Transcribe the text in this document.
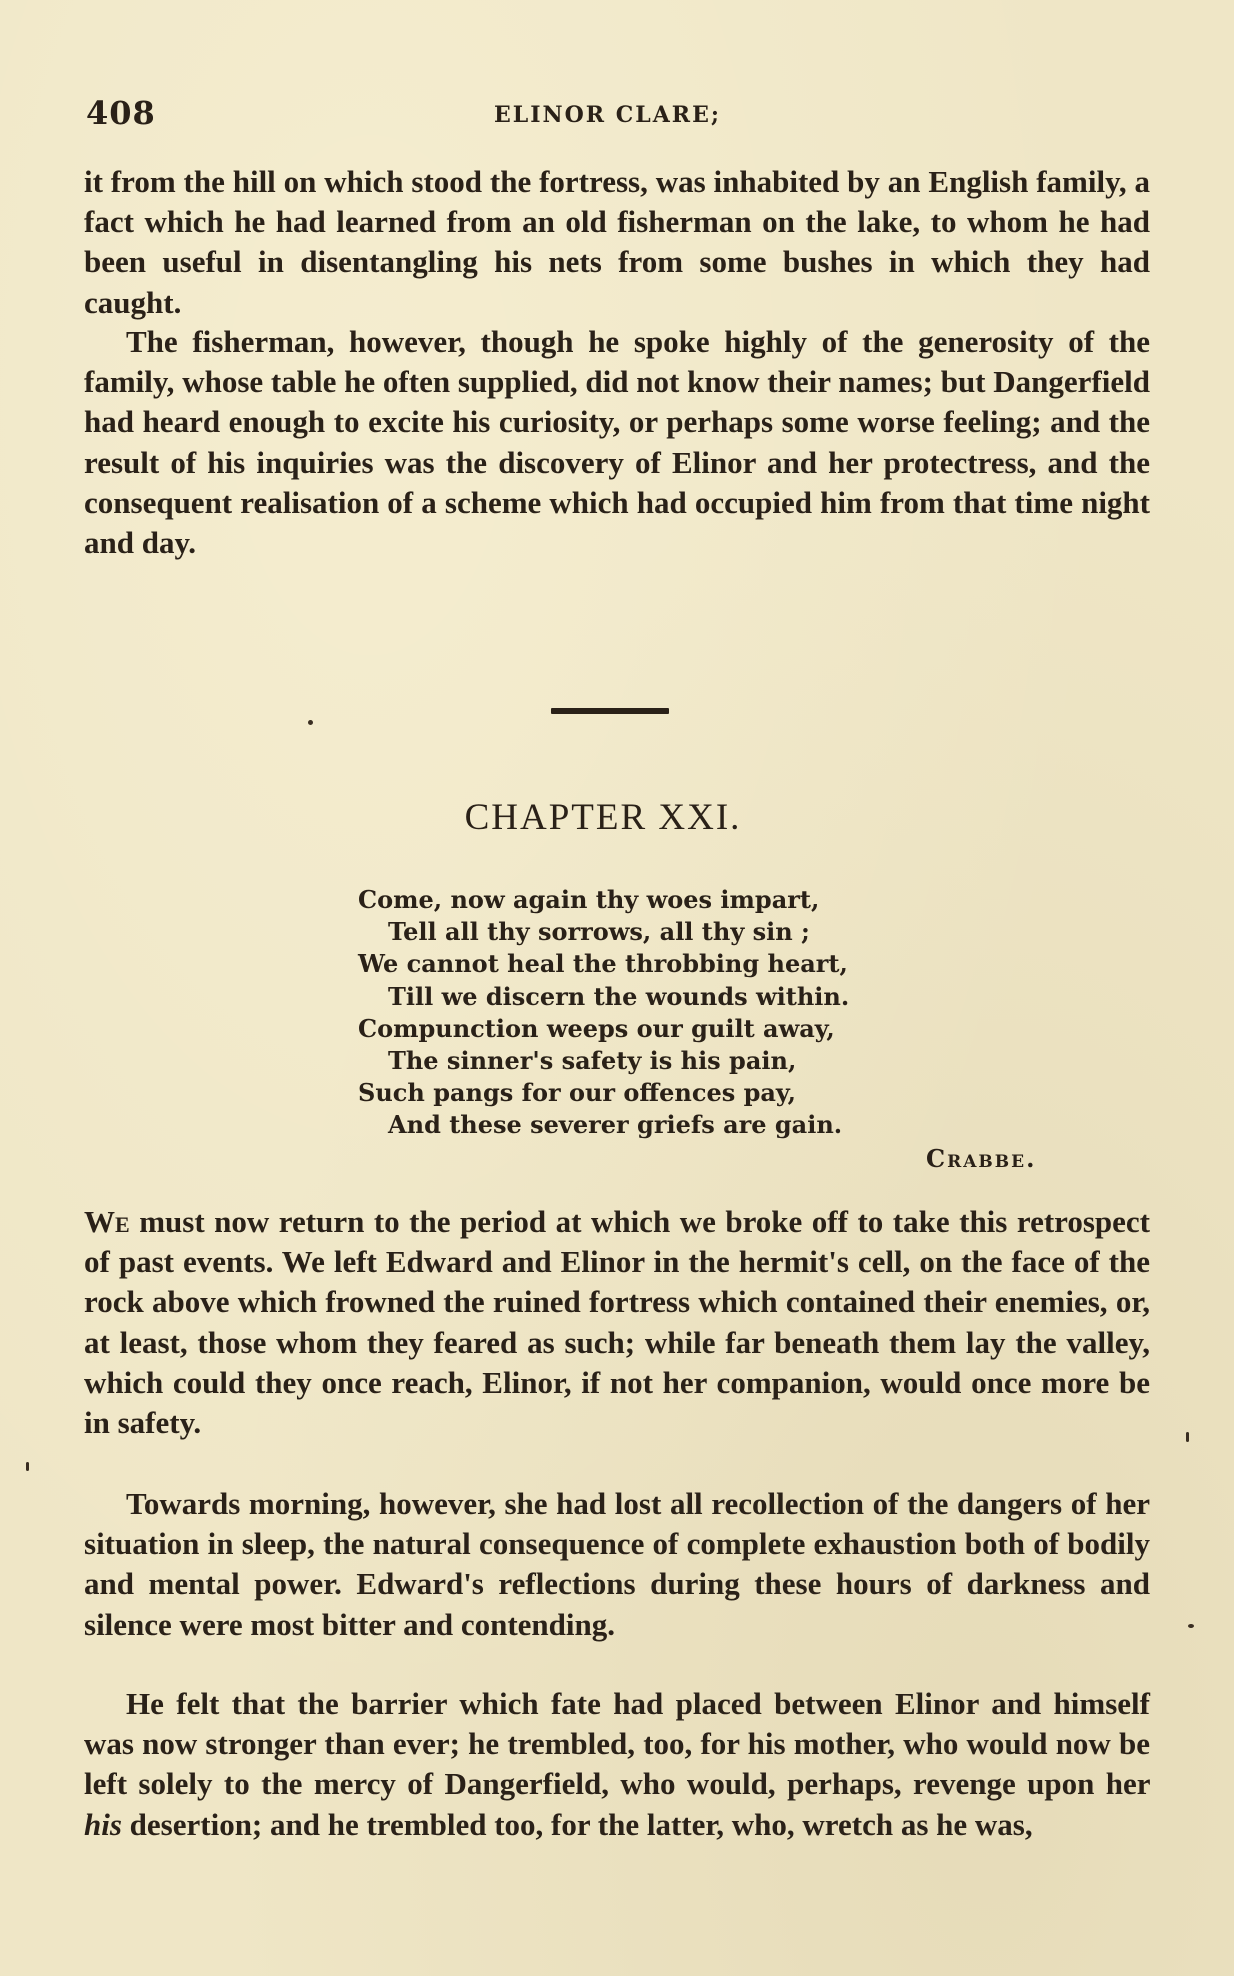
408	ELINOR CLARE;

it from the hill on which stood the fortress, was inhabited by an English family, a fact which he had learned from an old fisherman on the lake, to whom he had been useful in disentangling his nets from some bushes in which they had caught.

The fisherman, however, though he spoke highly of the generosity of the family, whose table he often supplied, did not know their names; but Dangerfield had heard enough to excite his curiosity, or perhaps some worse feeling; and the result of his inquiries was the discovery of Elinor and her protectress, and the consequent realisation of a scheme which had occupied him from that time night and day.

CHAPTER XXI.
Come, now again thy woes impart,
Tell all thy sorrows, all thy sin ;
We cannot heal the throbbing heart,
Till we discern the wounds within.
Compunction weeps our guilt away,
The sinner's safety is his pain,
Such pangs for our offences pay,
And these severer griefs are gain.
Crabbe.

We must now return to the period at which we broke off to take this retrospect of past events. We left Edward and Elinor in the hermit's cell, on the face of the rock above which frowned the ruined fortress which contained their enemies, or, at least, those whom they feared as such; while far beneath them lay the valley, which could they once reach, Elinor, if not her companion, would once more be in safety.

Towards morning, however, she had lost all recollection of the dangers of her situation in sleep, the natural consequence of complete exhaustion both of bodily and mental power. Edward's reflections during these hours of darkness and silence were most bitter and contending.

He felt that the barrier which fate had placed between Elinor and himself was now stronger than ever; he trembled, too, for his mother, who would now be left solely to the mercy of Dangerfield, who would, perhaps, revenge upon her his desertion; and he trembled too, for the latter, who, wretch as he was,
